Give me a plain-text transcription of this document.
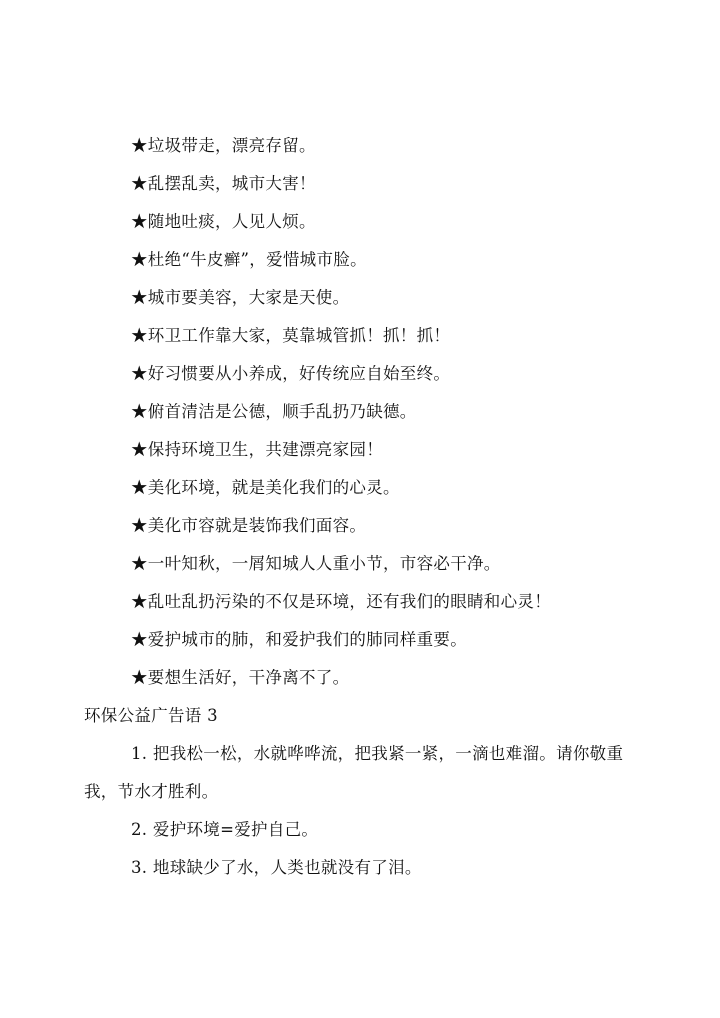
★垃圾带走，漂亮存留。
★乱摆乱卖，城市大害！
★随地吐痰，人见人烦。
★杜绝“牛皮癣”，爱惜城市脸。
★城市要美容，大家是天使。
★环卫工作靠大家，莫靠城管抓！抓！抓！
★好习惯要从小养成，好传统应自始至终。
★俯首清洁是公德，顺手乱扔乃缺德。
★保持环境卫生，共建漂亮家园！
★美化环境，就是美化我们的心灵。
★美化市容就是装饰我们面容。
★一叶知秋，一屑知城人人重小节，市容必干净。
★乱吐乱扔污染的不仅是环境，还有我们的眼睛和心灵！
★爱护城市的肺，和爱护我们的肺同样重要。
★要想生活好，干净离不了。
环保公益广告语 3
1. 把我松一松，水就哗哗流，把我紧一紧，一滴也难溜。请你敬重
我，节水才胜利。
2. 爱护环境=爱护自己。
3. 地球缺少了水，人类也就没有了泪。
